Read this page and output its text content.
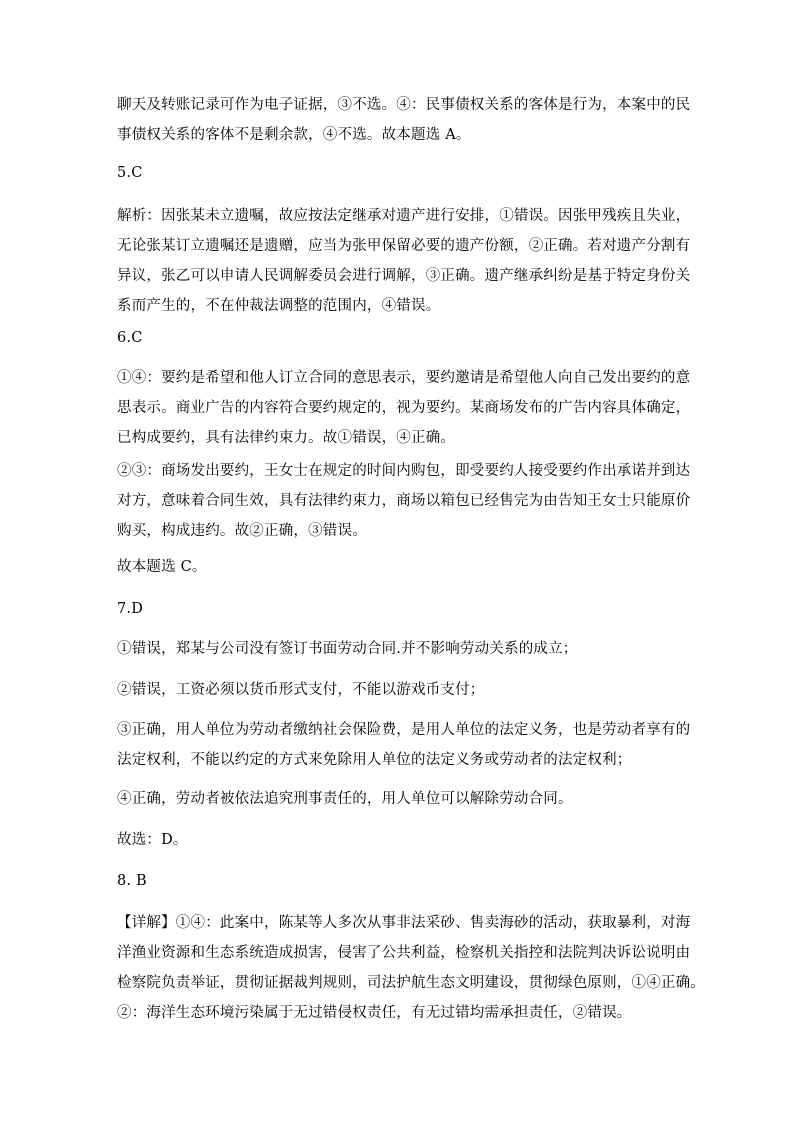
聊天及转账记录可作为电子证据，③不选。④：民事债权关系的客体是行为，本案中的民
事债权关系的客体不是剩余款，④不选。故本题选 A。
5.C
解析：因张某未立遗嘱，故应按法定继承对遗产进行安排，①错误。因张甲残疾且失业，
无论张某订立遗嘱还是遗赠，应当为张甲保留必要的遗产份额，②正确。若对遗产分割有
异议，张乙可以申请人民调解委员会进行调解，③正确。遗产继承纠纷是基于特定身份关
系而产生的，不在仲裁法调整的范围内，④错误。
6.C
①④：要约是希望和他人订立合同的意思表示，要约邀请是希望他人向自己发出要约的意
思表示。商业广告的内容符合要约规定的，视为要约。某商场发布的广告内容具体确定，
已构成要约，具有法律约束力。故①错误，④正确。
②③：商场发出要约，王女士在规定的时间内购包，即受要约人接受要约作出承诺并到达
对方，意味着合同生效，具有法律约束力，商场以箱包已经售完为由告知王女士只能原价
购买，构成违约。故②正确，③错误。
故本题选 C。
7.D
①错误，郑某与公司没有签订书面劳动合同.并不影响劳动关系的成立；
②错误，工资必须以货币形式支付，不能以游戏币支付；
③正确，用人单位为劳动者缴纳社会保险费，是用人单位的法定义务，也是劳动者享有的
法定权利，不能以约定的方式来免除用人单位的法定义务或劳动者的法定权利；
④正确，劳动者被依法追究刑事责任的，用人单位可以解除劳动合同。
故选：D。
8. B
【详解】①④：此案中，陈某等人多次从事非法采砂、售卖海砂的活动，获取暴利，对海
洋渔业资源和生态系统造成损害，侵害了公共利益，检察机关指控和法院判决诉讼说明由
检察院负责举证，贯彻证据裁判规则，司法护航生态文明建设，贯彻绿色原则，①④正确。
②：海洋生态环境污染属于无过错侵权责任，有无过错均需承担责任，②错误。
